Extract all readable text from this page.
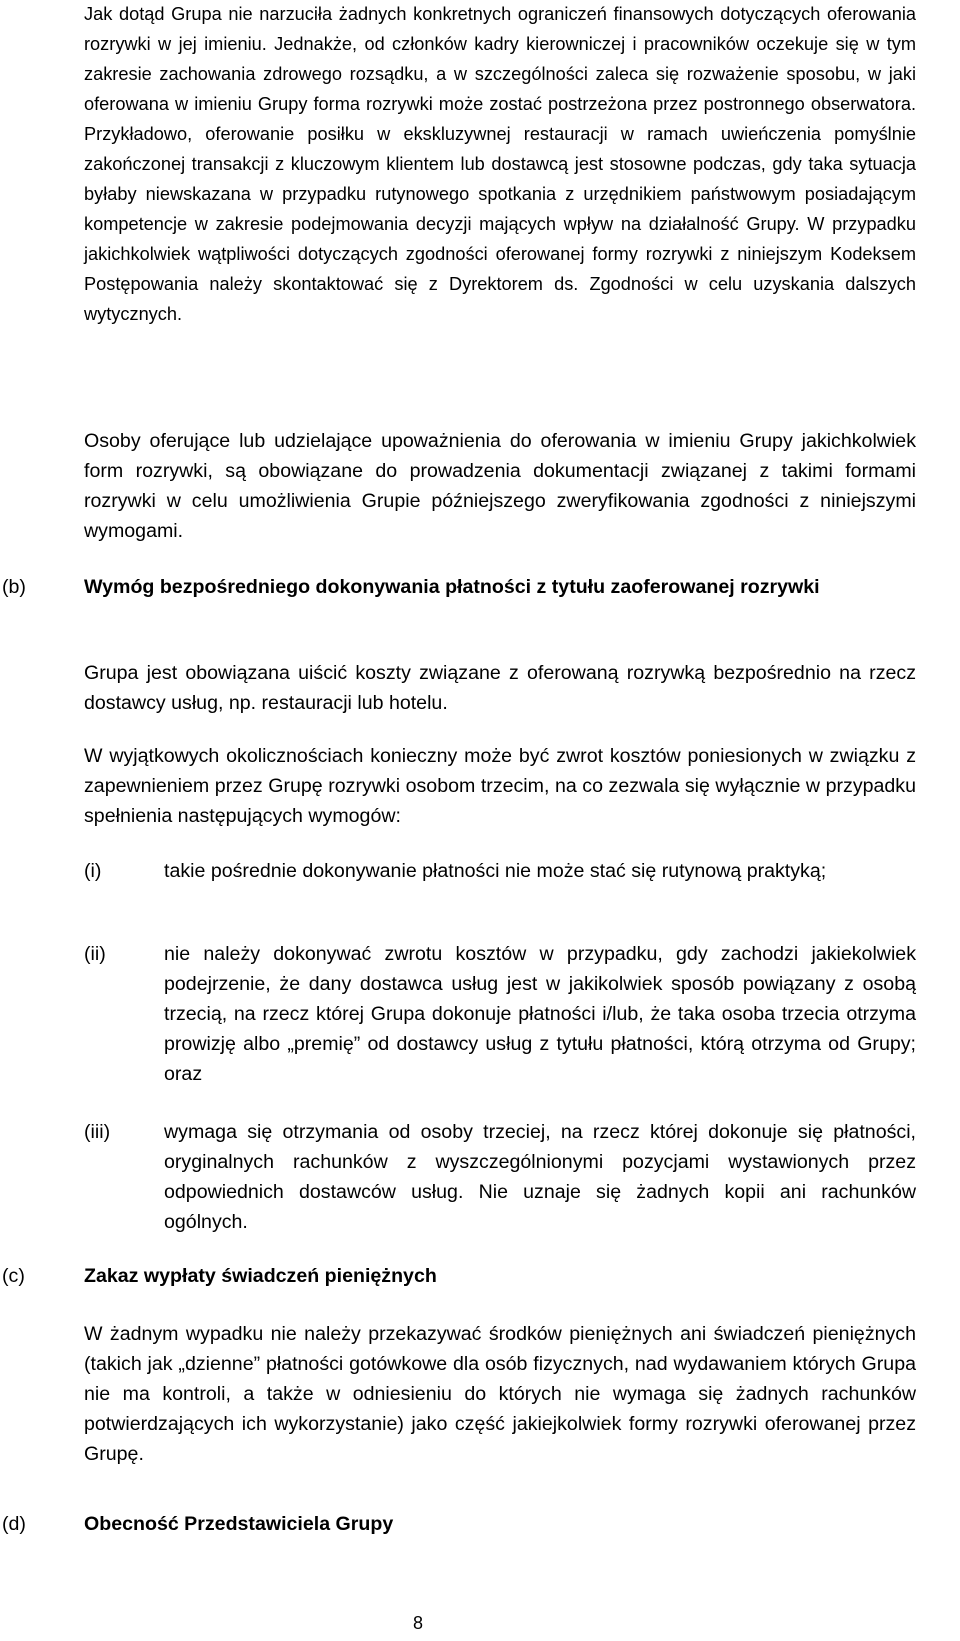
Jak dotąd Grupa nie narzuciła żadnych konkretnych ograniczeń finansowych dotyczących oferowania rozrywki w jej imieniu. Jednakże, od członków kadry kierowniczej i pracowników oczekuje się w tym zakresie zachowania zdrowego rozsądku, a w szczególności zaleca się rozważenie sposobu, w jaki oferowana w imieniu Grupy forma rozrywki może zostać postrzeżona przez postronnego obserwatora. Przykładowo, oferowanie posiłku w ekskluzywnej restauracji w ramach uwieńczenia pomyślnie zakończonej transakcji z kluczowym klientem lub dostawcą jest stosowne podczas, gdy taka sytuacja byłaby niewskazana w przypadku rutynowego spotkania z urzędnikiem państwowym posiadającym kompetencje w zakresie podejmowania decyzji mających wpływ na działalność Grupy. W przypadku jakichkolwiek wątpliwości dotyczących zgodności oferowanej formy rozrywki z niniejszym Kodeksem Postępowania należy skontaktować się z Dyrektorem ds. Zgodności w celu uzyskania dalszych wytycznych.

Osoby oferujące lub udzielające upoważnienia do oferowania w imieniu Grupy jakichkolwiek form rozrywki, są obowiązane do prowadzenia dokumentacji związanej z takimi formami rozrywki w celu umożliwienia Grupie późniejszego zweryfikowania zgodności z niniejszymi wymogami.

(b)	Wymóg bezpośredniego dokonywania płatności z tytułu zaoferowanej rozrywki

Grupa jest obowiązana uiścić koszty związane z oferowaną rozrywką bezpośrednio na rzecz dostawcy usług, np. restauracji lub hotelu.

W wyjątkowych okolicznościach konieczny może być zwrot kosztów poniesionych w związku z zapewnieniem przez Grupę rozrywki osobom trzecim, na co zezwala się wyłącznie w przypadku spełnienia następujących wymogów:

(i)	takie pośrednie dokonywanie płatności nie może stać się rutynową praktyką;

(ii)	nie należy dokonywać zwrotu kosztów w przypadku, gdy zachodzi jakiekolwiek podejrzenie, że dany dostawca usług jest w jakikolwiek sposób powiązany z osobą trzecią, na rzecz której Grupa dokonuje płatności i/lub, że taka osoba trzecia otrzyma prowizję albo „premię” od dostawcy usług z tytułu płatności, którą otrzyma od Grupy; oraz

(iii)	wymaga się otrzymania od osoby trzeciej, na rzecz której dokonuje się płatności, oryginalnych rachunków z wyszczególnionymi pozycjami wystawionych przez odpowiednich dostawców usług. Nie uznaje się żadnych kopii ani rachunków ogólnych.

(c)	Zakaz wypłaty świadczeń pieniężnych

W żadnym wypadku nie należy przekazywać środków pieniężnych ani świadczeń pieniężnych (takich jak „dzienne” płatności gotówkowe dla osób fizycznych, nad wydawaniem których Grupa nie ma kontroli, a także w odniesieniu do których nie wymaga się żadnych rachunków potwierdzających ich wykorzystanie) jako część jakiejkolwiek formy rozrywki oferowanej przez Grupę.

(d)	Obecność Przedstawiciela Grupy

8
